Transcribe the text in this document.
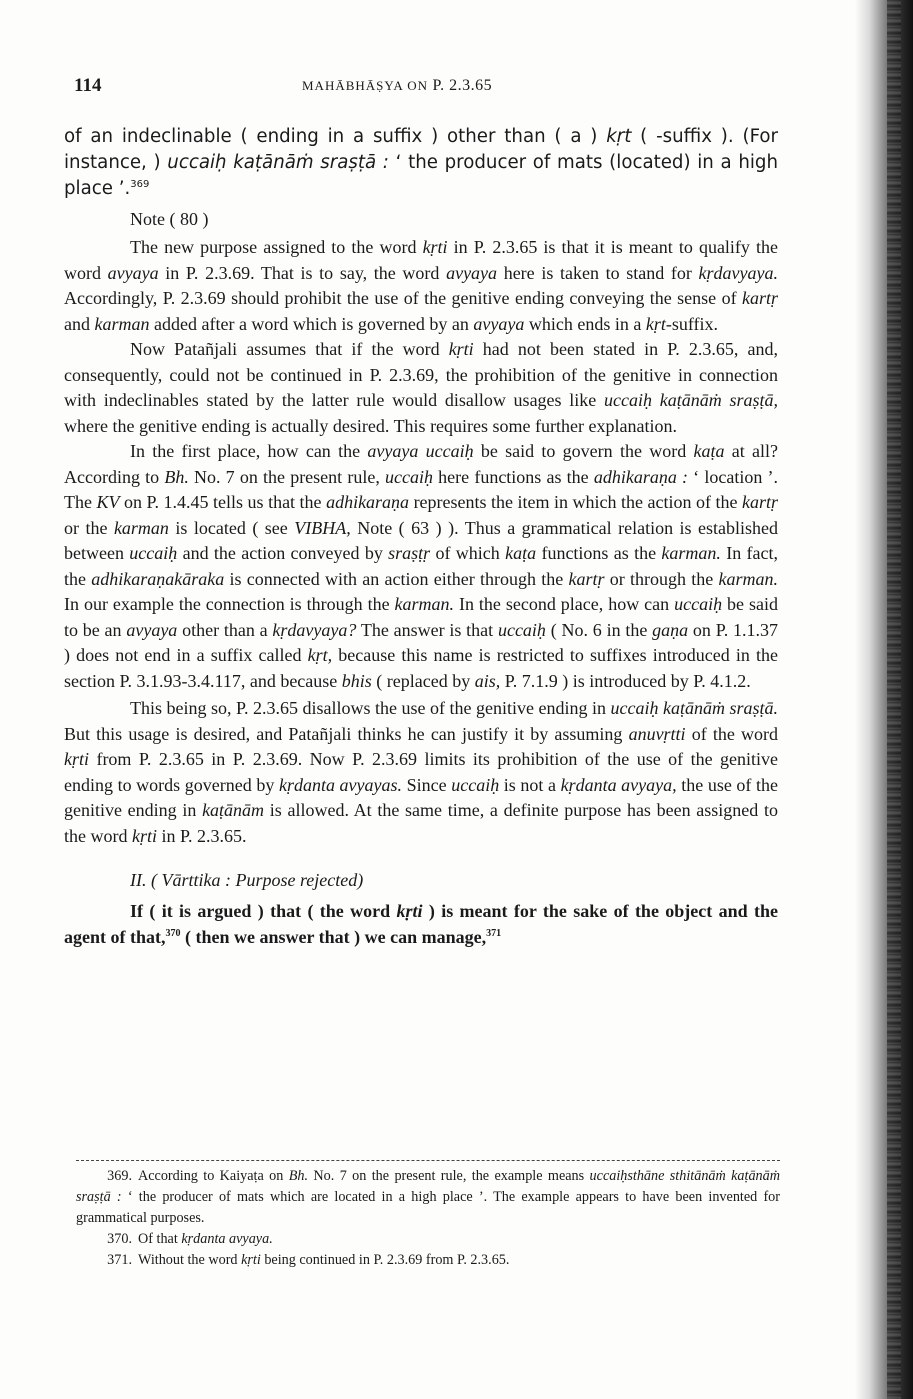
114	MAHĀBHĀṢYA ON P. 2.3.65

of an indeclinable ( ending in a suffix ) other than ( a ) kṛt ( -suffix ). (For instance, ) uccaiḥ kaṭānāṁ sraṣṭā : ‘ the producer of mats (located) in a high place ’.$^{369}$

Note ( 80 )

The new purpose assigned to the word kṛti in P. 2.3.65 is that it is meant to qualify the word avyaya in P. 2.3.69. That is to say, the word avyaya here is taken to stand for kṛdavyaya. Accordingly, P. 2.3.69 should prohibit the use of the genitive ending conveying the sense of kartṛ and karman added after a word which is governed by an avyaya which ends in a kṛt-suffix.

Now Patañjali assumes that if the word kṛti had not been stated in P. 2.3.65, and, consequently, could not be continued in P. 2.3.69, the prohibition of the genitive in connection with indeclinables stated by the latter rule would disallow usages like uccaiḥ kaṭānāṁ sraṣṭā, where the genitive ending is actually desired. This requires some further explanation.

In the first place, how can the avyaya uccaiḥ be said to govern the word kaṭa at all? According to Bh. No. 7 on the present rule, uccaiḥ here functions as the adhikaraṇa : ‘ location ’. The KV on P. 1.4.45 tells us that the adhikaraṇa represents the item in which the action of the kartṛ or the karman is located ( see VIBHA, Note ( 63 ) ). Thus a grammatical relation is established between uccaiḥ and the action conveyed by sraṣṭṛ of which kaṭa functions as the karman. In fact, the adhikaraṇakāraka is connected with an action either through the kartṛ or through the karman. In our example the connection is through the karman. In the second place, how can uccaiḥ be said to be an avyaya other than a kṛdavyaya? The answer is that uccaiḥ ( No. 6 in the gaṇa on P. 1.1.37 ) does not end in a suffix called kṛt, because this name is restricted to suffixes introduced in the section P. 3.1.93-3.4.117, and because bhis ( replaced by ais, P. 7.1.9 ) is introduced by P. 4.1.2.

This being so, P. 2.3.65 disallows the use of the genitive ending in uccaiḥ kaṭānāṁ sraṣṭā. But this usage is desired, and Patañjali thinks he can justify it by assuming anuvṛtti of the word kṛti from P. 2.3.65 in P. 2.3.69. Now P. 2.3.69 limits its prohibition of the use of the genitive ending to words governed by kṛdanta avyayas. Since uccaiḥ is not a kṛdanta avyaya, the use of the genitive ending in kaṭānām is allowed. At the same time, a definite purpose has been assigned to the word kṛti in P. 2.3.65.

II. ( Vārttika : Purpose rejected)

If ( it is argued ) that ( the word kṛti ) is meant for the sake of the object and the agent of that,$^{370}$ ( then we answer that ) we can manage,$^{371}$

369. According to Kaiyaṭa on Bh. No. 7 on the present rule, the example means uccaiḥsthāne sthitānāṁ kaṭānāṁ sraṣṭā : ‘ the producer of mats which are located in a high place ’. The example appears to have been invented for grammatical purposes.
370. Of that kṛdanta avyaya.
371. Without the word kṛti being continued in P. 2.3.69 from P. 2.3.65.
